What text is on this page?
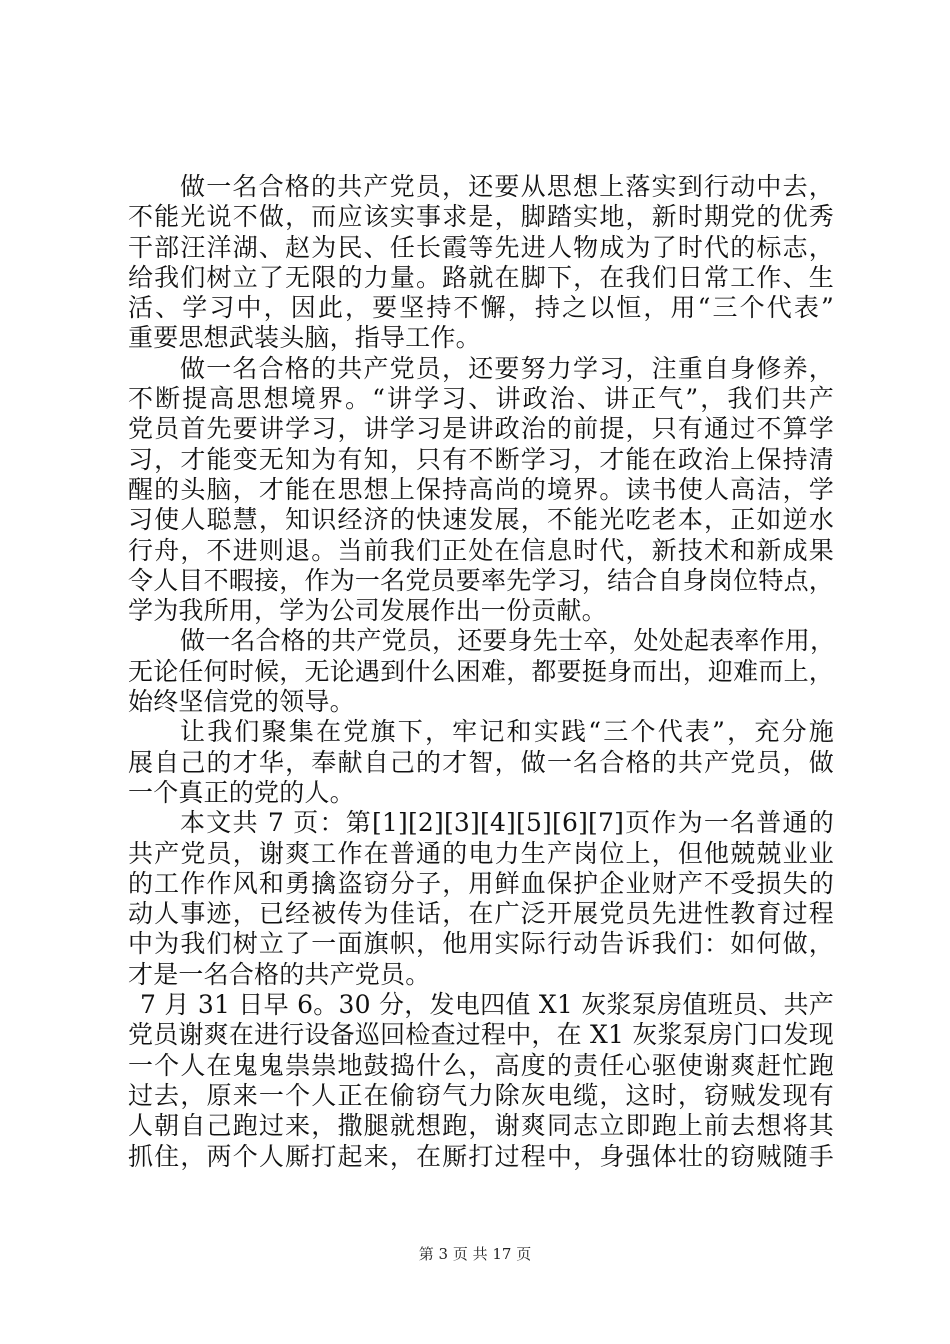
做一名合格的共产党员，还要从思想上落实到行动中去，
不能光说不做，而应该实事求是，脚踏实地，新时期党的优秀
干部汪洋湖、赵为民、任长霞等先进人物成为了时代的标志，
给我们树立了无限的力量。路就在脚下，在我们日常工作、生
活、学习中，因此，要坚持不懈，持之以恒，用“三个代表”
重要思想武装头脑，指导工作。
做一名合格的共产党员，还要努力学习，注重自身修养，
不断提高思想境界。“讲学习、讲政治、讲正气”，我们共产
党员首先要讲学习，讲学习是讲政治的前提，只有通过不算学
习，才能变无知为有知，只有不断学习，才能在政治上保持清
醒的头脑，才能在思想上保持高尚的境界。读书使人高洁，学
习使人聪慧，知识经济的快速发展，不能光吃老本，正如逆水
行舟，不进则退。当前我们正处在信息时代，新技术和新成果
令人目不暇接，作为一名党员要率先学习，结合自身岗位特点，
学为我所用，学为公司发展作出一份贡献。
做一名合格的共产党员，还要身先士卒，处处起表率作用，
无论任何时候，无论遇到什么困难，都要挺身而出，迎难而上，
始终坚信党的领导。
让我们聚集在党旗下，牢记和实践“三个代表”，充分施
展自己的才华，奉献自己的才智，做一名合格的共产党员，做
一个真正的党的人。
本文共 7 页：第[1][2][3][4][5][6][7]页作为一名普通的
共产党员，谢爽工作在普通的电力生产岗位上，但他兢兢业业
的工作作风和勇擒盗窃分子，用鲜血保护企业财产不受损失的
动人事迹，已经被传为佳话，在广泛开展党员先进性教育过程
中为我们树立了一面旗帜，他用实际行动告诉我们：如何做，
才是一名合格的共产党员。
7 月 31 日早 6。30 分，发电四值 X1 灰浆泵房值班员、共产
党员谢爽在进行设备巡回检查过程中，在 X1 灰浆泵房门口发现
一个人在鬼鬼祟祟地鼓捣什么，高度的责任心驱使谢爽赶忙跑
过去，原来一个人正在偷窃气力除灰电缆，这时，窃贼发现有
人朝自己跑过来，撒腿就想跑，谢爽同志立即跑上前去想将其
抓住，两个人厮打起来，在厮打过程中，身强体壮的窃贼随手
第 3 页 共 17 页
